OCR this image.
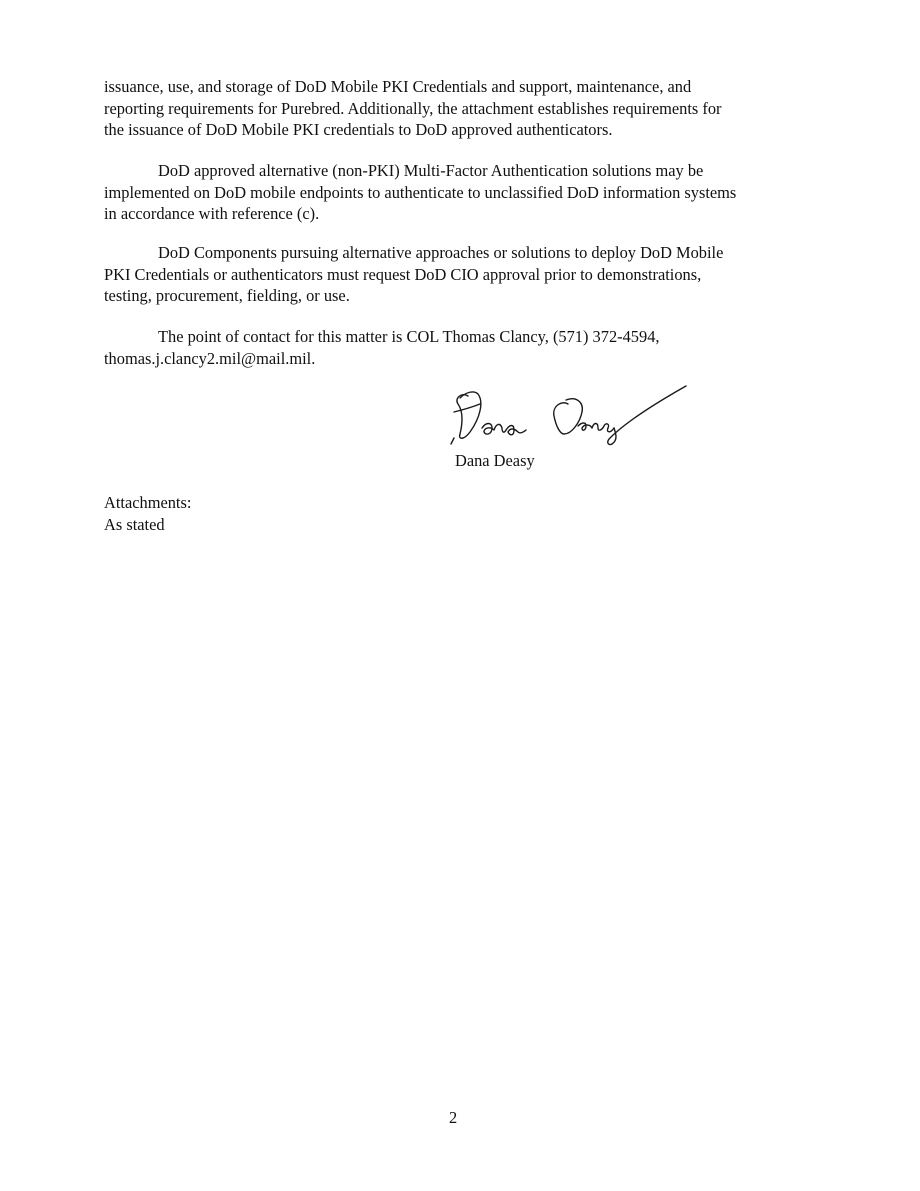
issuance, use, and storage of DoD Mobile PKI Credentials and support, maintenance, and
reporting requirements for Purebred. Additionally, the attachment establishes requirements for
the issuance of DoD Mobile PKI credentials to DoD approved authenticators.

DoD approved alternative (non-PKI) Multi-Factor Authentication solutions may be
implemented on DoD mobile endpoints to authenticate to unclassified DoD information systems
in accordance with reference (c).

DoD Components pursuing alternative approaches or solutions to deploy DoD Mobile
PKI Credentials or authenticators must request DoD CIO approval prior to demonstrations,
testing, procurement, fielding, or use.

The point of contact for this matter is COL Thomas Clancy, (571) 372-4594,
thomas.j.clancy2.mil@mail.mil.

Dana Deasy
Attachments:
As stated
2
